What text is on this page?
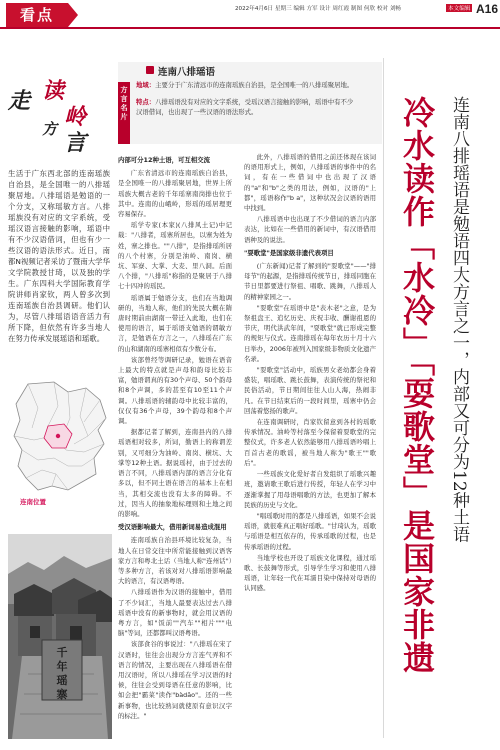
看点	2022年4月6日 星期三 编辑 方军 设计 周红霞 制图 何欣 校对 刘畅	本文编辑 A16
走 读
岭
方
言
生活于广东西北部的连南瑶族自治县，是全国唯一的八排瑶聚居地。八排瑶语是勉语的一个分支，又称瑶敏方言。八排瑶族没有对应的文字系统，受瑶汉语言接触的影响，瑶语中有不少汉语借词，但也有少一些汉语的语法形式。近日，南都N视频记者采访了暨南大学华文学院教授甘琦，以及独的学生。广东四科大学国际教育学院讲师肖家钦，两人曾多次到连南瑶族自治县调研。他们认为，尽管八排瑶语语音活力有所下降，但依然有许多当地人在努力传承发展瑶语和瑶歌。
连南位置
千
年
瑶
寨
方
言
名
片
连南八排瑶语
地域：主要分于广东清远市的连南瑶族自治县，是全国唯一的八排瑶聚居地。
特点：八排瑶语没有对应的文字系统，受瑶汉语言接触的影响，瑶语中有不少
汉语借词，也出现了一些汉语的语法形式。
内部可分12种土语，可互相交流
广东省清远市的连南瑶族自治县，是全国唯一的八排瑶聚居地，世界上所瑶族大概古老的千年瑶寨南岗排也位于其中。连南的山峨岭，形瑶的瑶居理更容易保存。
瑶学专家(本家)(八排风土记)中记载："八排者，瑶寨所居也，以寨为姓为姓，寨之排也。""八排"，是指排瑶所居的八个村寨，分别是油岭、南岗、横坑、军寮、大掌、大麦、里八洞。后面八个排，"八排瑶"称指的是聚居于八排七十四冲的瑶民。
瑶语属于勉语分支，也们在当地调研的，当地人称，他们的先民大概在隋唐时期前由湖南一带迁入此地，也们在使用的语言，属于瑶语支勉语的谓敏方言，是勉语在方言之一，八排瑶在广东的山和湖南的瑶寨相似有少数分布。
该部曾经等调研记录，勉语在语音上最大的特点就是声母和韵母比较丰富，勉语谓真的有30个声母、50个韵母和8个声调，多的甚至有10至11个声调。八排瑶语的辅韵母中比较丰富的，仅仅有36个声母，39个韵母和8个声调。
据都记者了解到，连南县内的八排瑶语相对较多，所词，勤语上的称谓差别，又可细分为油岭、南岗、横坑、大掌等12种土语。据说瑶村，由于过去的语言不同，八排瑶语内部的语言分化有多以，但不同土语在语言的基本上在相当，其相交流也没有太多的障碍。不过，因当人的抽象地标理则和土地之间的影响。
受汉语影响最大，借用新词易造成混用
连南瑶族自治县环境比较复杂，当地人在日常交往中所常能接触到汉语客家方言和粤北土话（当地人称"连州话"）等多种方言，若该对对八排瑶语影响最大的语言，有汉语粤语。
八排瑶语作为汉语的接触中，借用了不少词汇，当地人最要表达过去八排瑶语中没有的新事物时，就会用汉语的粤方言，如"饭前""汽车""相片"""电脑"等词，还都都叫汉语粤语。
该部食谷的事说过："八排瑶在宋了汉语时，往往会出现分方言连气弄和不语言的情况，主要出现在八排瑶语在借用汉语时，所以八排瑶在学习汉语的时候，往往会受到母语在任意的影响，比如会把"霸菜"读作"bàdāo"。还的一些新事物，也比较熟词就使原有意识汉字的标注。"
此外，八排瑶语的借用之前还体现在该词的语用形式上，例如，八排瑶语的事件中的名词，有在一些借词中也出现了汉语的"a"和"b"之类的用法，例如，汉语的"上都"，瑶语称作"b a"，这种状况会汉语的语用中找到。
八排瑶语中也出现了不少借词的语言内部表达，比如在一些借用的新词中，有汉语借用语种及的说法。
"耍歌堂"是国家级非遗代表项目
(广东新闻)记者了解到的"耍歌堂"——"排母节"的起源，是指排瑶传统节日，排瑶同胞在节日里都要进行祭祖、唱歌、跳舞，八排瑶人的精神家园之一。
"耍歌堂"在瑶语中是"表木老"之意，是为祭祖盘王、追忆历史、庆祝丰收、酬谢祖恩的节庆，明代洪武年间，"耍歌堂"就已形成完整的规矩与仪式。连南排瑶在每年农历十月十六日举办，2006年被列入国家级非物质文化遗产名录。
"耍歌堂"活动中，瑶族男女老幼都会身着盛装，唱瑶歌、跳长鼓舞，表演传统的祭祀和民俗活动，节日期间往往人山人海，热闹非凡。在节日结束后的一段时间里，瑶寨中仍会回荡着悠扬的歌声。
在连南调研时，肖家钦留意到各村的瑶歌传承情况。油岭等村落至今保留着耍歌堂的完整仪式，许多老人依然能够用八排瑶语吟唱上百首古老的歌谣，被当地人称为"歌王""歌后"。
一些瑶族文化爱好者自发组织了瑶歌兴趣班，邀请歌王歌后进行传授，年轻人在学习中逐渐掌握了用母语唱歌的方法，也更加了解本民族的历史与文化。
"唱瑶歌时用的都是八排瑶语，如果不会说瑶语，就很难真正唱好瑶歌。"甘琦认为，瑶歌与瑶语是相互依存的，传承瑶歌的过程，也是传承瑶语的过程。
当地学校也开设了瑶族文化课程，通过瑶歌、长鼓舞等形式，引导学生学习和使用八排瑶语，让年轻一代在耳濡目染中保持对母语的认同感。	冷水读作「水冷」「耍歌堂」是国家非遗 连南八排瑶语是勉语四大方言之一，内部又可分为12种土语
